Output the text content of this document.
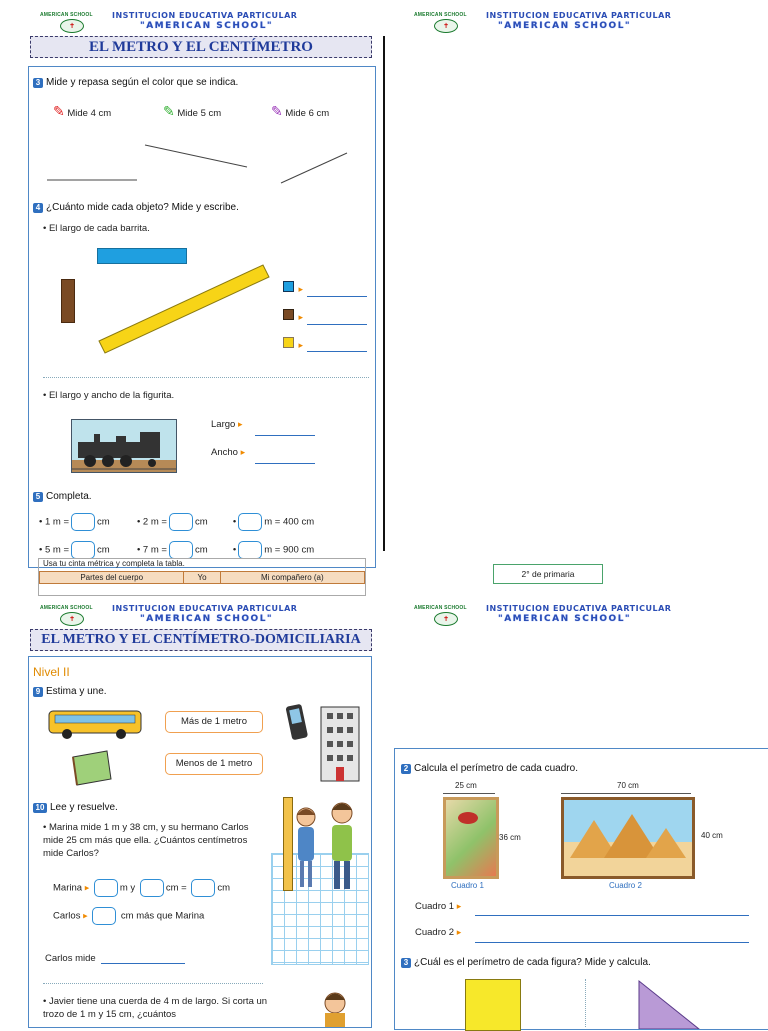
AMERICAN SCHOOL
✝
INSTITUCION EDUCATIVA PARTICULAR
"AMERICAN SCHOOL"
EL METRO Y EL CENTÍMETRO
3 Mide y repasa según el color que se indica.
✎ Mide 4 cm	✎ Mide 5 cm	✎ Mide 6 cm
4 ¿Cuánto mide cada objeto? Mide y escribe.
• El largo de cada barrita.
▸
▸
▸
• El largo y ancho de la figurita.
Largo ▸
Ancho ▸
5 Completa.
• 1 m =	cm	• 2 m =	cm	•	m = 400 cm
• 5 m =	cm	• 7 m =	cm	•	m = 900 cm
Usa tu cinta métrica y completa la tabla.
Partes del cuerpo	Yo	Mi compañero (a)
AMERICAN SCHOOL
✝
INSTITUCION EDUCATIVA PARTICULAR
"AMERICAN SCHOOL"
2° de primaria
AMERICAN SCHOOL
✝
INSTITUCION EDUCATIVA PARTICULAR
"AMERICAN SCHOOL"
EL METRO Y EL CENTÍMETRO-DOMICILIARIA
Nivel II
9 Estima y une.
Más de 1 metro
Menos de 1 metro
10 Lee y resuelve.
• Marina mide 1 m y 38 cm, y su hermano Carlos mide 25 cm más que ella. ¿Cuántos centímetros mide Carlos?
Marina ▸	m y	cm =	cm
Carlos ▸	cm más que Marina
Carlos mide
• Javier tiene una cuerda de 4 m de largo. Si corta un trozo de 1 m y 15 cm, ¿cuántos
AMERICAN SCHOOL
✝
INSTITUCION EDUCATIVA PARTICULAR
"AMERICAN SCHOOL"
2 Calcula el perímetro de cada cuadro.
25 cm
36 cm
Cuadro 1
70 cm
40 cm
Cuadro 2
Cuadro 1 ▸
Cuadro 2 ▸
3 ¿Cuál es el perímetro de cada figura? Mide y calcula.
